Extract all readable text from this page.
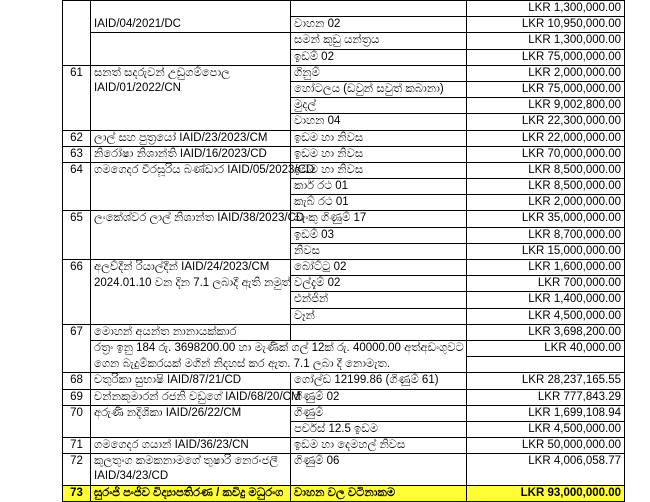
			LKR 1,300,000.00
	IAID/04/2021/DC	වාහන 02	LKR 10,950,000.00
		සමන් කුඩු යන්ත්‍රය	LKR 1,300,000.00
		ඉඩම් 02	LKR 75,000,000.00
61	සනත් සදරුවන් උඩුගම්පොල	ගිනුම්	LKR 2,000,000.00
	IAID/01/2022/CN	හෝටලය (ඩවුන් සවුත් කබානා)	LKR 75,000,000.00
		මුදල්	LKR 9,002,800.00
		වාහන 04	LKR 22,300,000.00
62	ලාල් සහ පුත්‍රයෝ IAID/23/2023/CM	ඉඩම හා නිවස	LKR 22,000,000.00
63	නිරෝෂා නිශාන්ති IAID/16/2023/CD	ඉඩම හා නිවස	LKR 70,000,000.00
64	ගමගෙදර වීරසූරිය බණ්ඩාර IAID/05/2023/CD	ඉඩම හා නිවස	LKR 8,500,000.00
		කාර් රථ 01	LKR 8,500,000.00
		කැබ් රථ 01	LKR 2,000,000.00
65	ලංකේශ්වර ලාල් නිශාන්ත IAID/38/2023/CD	බැංකු ගිණුම් 17	LKR 35,000,000.00
		ඉඩම් 03	LKR 8,700,000.00
		නිවස	LKR 15,000,000.00
66	අලව්දීන් රියාල්දීන් IAID/24/2023/CM	බෝට්ටු 02	LKR 1,600,000.00
	2024.01.10 වන දින 7.1 ලබාදී ඇති නමුත්	වල්දැම් 02	LKR 700,000.00
		එන්ජින්	LKR 1,400,000.00
		වෑන්	LKR 4,500,000.00
67	මොහන් අයන්ත නානායක්කාර		LKR 3,698,200.00
	රත්‍රං ඉනු 184 රු. 3698200.00 හා මැණික් ගල් 12ක් රු. 40000.00 අත්අඩංගුවට		LKR 40,000.00
	ගෙන බැදුම්කරයක් මගින් නිදහස් කර ඇත. 7.1 ලබා දී නොමැත.		
68	චතුරිකා සුභාෂි IAID/87/21/CD	ගෝල්ඩ 12199.86 (ගිණුම් 61)	LKR 28,237,165.55
69	චන්නකුමාරන් රජනි චඩුගේ IAID/68/20/CM	ගිණුම් 02	LKR 777,843.29
70	අරුණි නදිශිකා IAID/26/22/CM	ගිණුම්	LKR 1,699,108.94
		පර්චස් 12.5 ඉඩම	LKR 4,500,000.00
71	ගමගෙදර ගයාන් IAID/36/23/CN	ඉඩම හා දෙමහල් නිවස	LKR 50,000,000.00
72	කුලතුංග කමකනාමගේ තුෂාරි නෙරංජලී	ගිණුම් 06	LKR 4,006,058.77
	IAID/34/23/CD		
73	සුරංජි පංජිව විද්‍යාපතිරණ / කවිදු මධුරංග	වාහන වල වටිනාකම	LKR 93,000,000.00
